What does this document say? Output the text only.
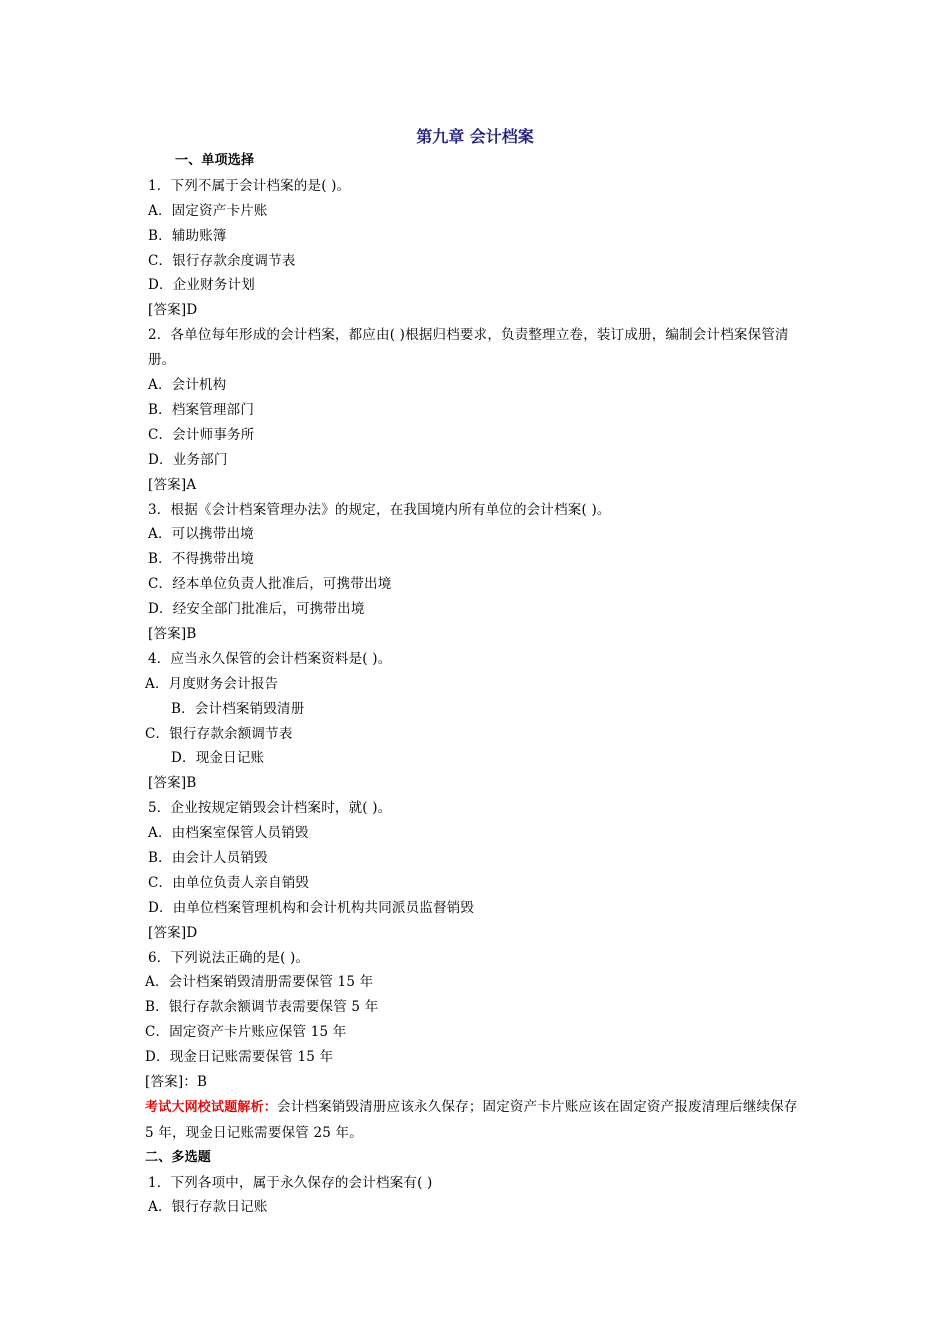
第九章 会计档案
一、单项选择
1．下列不属于会计档案的是( )。
A．固定资产卡片账
B．辅助账簿
C．银行存款余度调节表
D．企业财务计划
[答案]D
2．各单位每年形成的会计档案，都应由( )根据归档要求，负责整理立卷，装订成册，编制会计档案保管清册。
A．会计机构
B．档案管理部门
C．会计师事务所
D．业务部门
[答案]A
3．根据《会计档案管理办法》的规定，在我国境内所有单位的会计档案( )。
A．可以携带出境
B．不得携带出境
C．经本单位负责人批准后，可携带出境
D．经安全部门批准后，可携带出境
[答案]B
4．应当永久保管的会计档案资料是( )。
A．月度财务会计报告
B．会计档案销毁清册
C．银行存款余额调节表
D．现金日记账
[答案]B
5．企业按规定销毁会计档案时，就( )。
A．由档案室保管人员销毁
B．由会计人员销毁
C．由单位负责人亲自销毁
D．由单位档案管理机构和会计机构共同派员监督销毁
[答案]D
6．下列说法正确的是( )。
A．会计档案销毁清册需要保管 15 年
B．银行存款余额调节表需要保管 5 年
C．固定资产卡片账应保管 15 年
D．现金日记账需要保管 15 年
[答案]：B
考试大网校试题解析：会计档案销毁清册应该永久保存；固定资产卡片账应该在固定资产报废清理后继续保存 5 年，现金日记账需要保管 25 年。
二、多选题
1．下列各项中，属于永久保存的会计档案有( )
A．银行存款日记账
